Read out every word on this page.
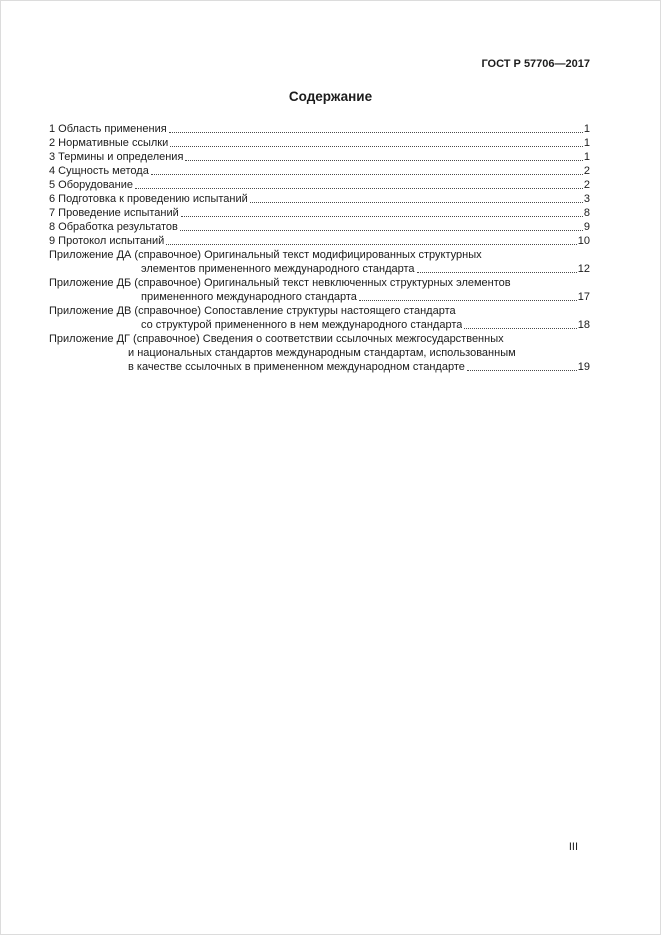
ГОСТ Р 57706—2017
Содержание
1 Область применения	1
2 Нормативные ссылки	1
3 Термины и определения	1
4 Сущность метода	2
5 Оборудование	2
6 Подготовка к проведению испытаний	3
7 Проведение испытаний	8
8 Обработка результатов	9
9 Протокол испытаний	10
Приложение ДА (справочное) Оригинальный текст модифицированных структурных
элементов примененного международного стандарта	12
Приложение ДБ (справочное) Оригинальный текст невключенных структурных элементов
примененного международного стандарта	17
Приложение ДВ (справочное) Сопоставление структуры настоящего стандарта
со структурой примененного в нем международного стандарта	18
Приложение ДГ (справочное) Сведения о соответствии ссылочных межгосударственных
и национальных стандартов международным стандартам, использованным
в качестве ссылочных в примененном международном стандарте	19
III
